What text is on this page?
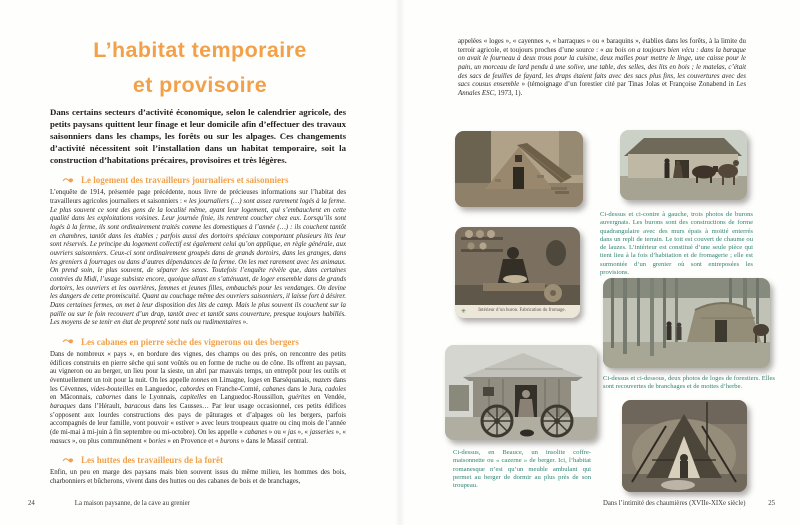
L’habitat temporaire
et provisoire

Dans certains secteurs d’activité économique, selon le calendrier agricole, des petits paysans quittent leur finage et leur domicile afin d’effectuer des travaux saisonniers dans les champs, les forêts ou sur les alpages. Ces changements d’activité nécessitent soit l’installation dans un habitat temporaire, soit la construction d’habitations précaires, provisoires et très légères.

Le logement des travailleurs journaliers et saisonniers

L’enquête de 1914, présentée page précédente, nous livre de précieuses informations sur l’habitat des travailleurs agricoles journaliers et saisonniers : « les journaliers (…) sont assez rarement logés à la ferme. Le plus souvent ce sont des gens de la localité même, ayant leur logement, qui s’embauchent en cette qualité dans les exploitations voisines. Leur journée finie, ils rentrent coucher chez eux. Lorsqu’ils sont logés à la ferme, ils sont ordinairement traités comme les domestiques à l’année (…) : ils couchent tantôt en chambres, tantôt dans les étables ; parfois aussi des dortoirs spéciaux comportant plusieurs lits leur sont réservés. Le principe du logement collectif est également celui qu’on applique, en règle générale, aux ouvriers saisonniers. Ceux-ci sont ordinairement groupés dans de grands dortoirs, dans les granges, dans les greniers à fourrages ou dans d’autres dépendances de la ferme. On les met rarement avec les animaux. On prend soin, le plus souvent, de séparer les sexes. Toutefois l’enquête révèle que, dans certaines contrées du Midi, l’usage subsiste encore, quoique allant en s’atténuant, de loger ensemble dans de grands dortoirs, les ouvriers et les ouvrières, femmes et jeunes filles, embauchés pour les vendanges. On devine les dangers de cette promiscuité. Quant au couchage même des ouvriers saisonniers, il laisse fort à désirer. Dans certaines fermes, on met à leur disposition des lits de camp. Mais le plus souvent ils couchent sur la paille ou sur le foin recouvert d’un drap, tantôt avec et tantôt sans couverture, presque toujours habillés. Les moyens de se tenir en état de propreté sont nuls ou rudimentaires ».

Les cabanes en pierre sèche des vignerons ou des bergers

Dans de nombreux « pays », en bordure des vignes, des champs ou des prés, on rencontre des petits édifices construits en pierre sèche qui sont voûtés ou en forme de ruche ou de cône. Ils offrent au paysan, au vigneron ou au berger, un lieu pour la sieste, un abri par mauvais temps, un entrepôt pour les outils et éventuellement un toit pour la nuit. On les appelle tonnes en Limagne, loges en Barséquanais, mazets dans les Cévennes, vides-bouteilles en Languedoc, cabordes en Franche-Comté, cabanes dans le Jura, cadoles en Mâconnais, cabornes dans le Lyonnais, capitelles en Languedoc-Roussillon, guérites en Vendée, baraques dans l’Hérault, baracous dans les Causses… Par leur usage occasionnel, ces petits édifices s’opposent aux lourdes constructions des pays de pâturages et d’alpages où les bergers, parfois accompagnés de leur famille, vont pouvoir « estiver » avec leurs troupeaux quatre ou cinq mois de l’année (de mi-mai à mi-juin à fin septembre ou mi-octobre). On les appelle « cabanes » ou « jas », « jasseries », « masucs », ou plus communément « bories » en Provence et « burons » dans le Massif central.

Les huttes des travailleurs de la forêt

Enfin, un peu en marge des paysans mais bien souvent issus du même milieu, les hommes des bois, charbonniers et bûcherons, vivent dans des huttes ou des cabanes de bois et de branchages,

24	La maison paysanne, de la cave au grenier

appelées « loges », « cayennes », « barraques » ou « baraquins », établies dans les forêts, à la limite du terroir agricole, et toujours proches d’une source : « au bois on a toujours bien vécu : dans la baraque on avait le fourneau à deux trous pour la cuisine, deux malles pour mettre le linge, une caisse pour le pain, un morceau de lard pendu à une solive, une table, des selles, des lits en bois ; le matelas, c’était des sacs de feuilles de fayard, les draps étaient faits avec des sacs plus fins, les couvertures avec des sacs cousus ensemble » (témoignage d’un forestier cité par Tinas Jolas et Françoise Zonabend in Les Annales ESC, 1973, 1).

Ci-dessus et ci-contre à gauche, trois photos de burons auvergnats. Les burons sont des constructions de forme quadrangulaire avec des murs épais à moitié enterrés dans un repli de terrain. Le toit est couvert de chaume ou de lauzes. L’intérieur est constitué d’une seule pièce qui tient lieu à la fois d’habitation et de fromagerie ; elle est surmontée d’un grenier où sont entreposées les provisions.

✳	Intérieur d’un buron. Fabrication du fromage.

Ci-dessus et ci-dessous, deux photos de loges de forestiers. Elles sont recouvertes de branchages et de mottes d’herbe.

Ci-dessus, en Beauce, un insolite coffre-maisonnette ou « cazerne » de berger. Ici, l’habitat romanesque n’est qu’un meuble ambulant qui permet au berger de dormir au plus près de son troupeau.

Dans l’intimité des chaumières (XVIIe-XIXe siècle)	25
